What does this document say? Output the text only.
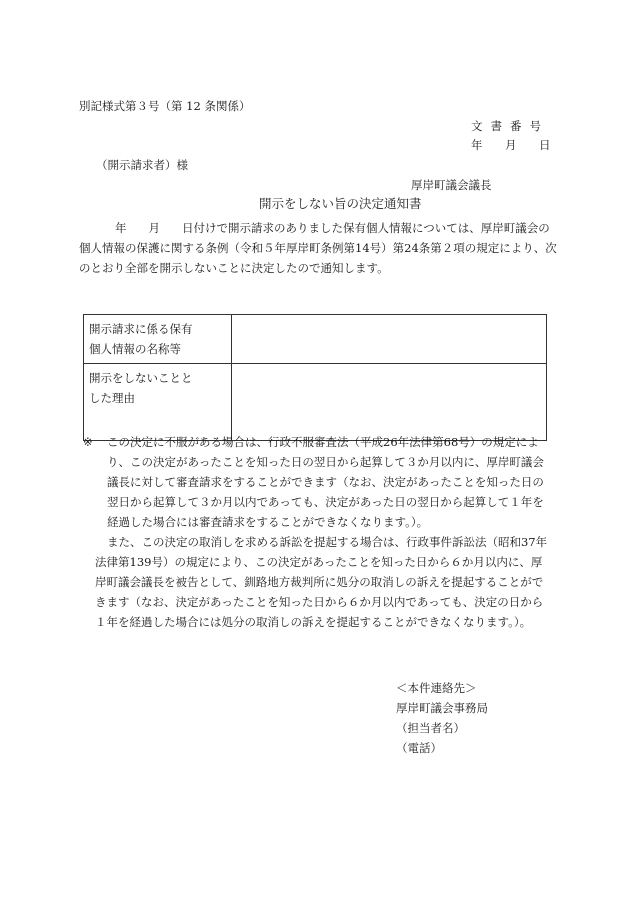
別記様式第３号（第 12 条関係）
文書番号
年 月 日
（開示請求者）様
厚岸町議会議長
開示をしない旨の決定通知書

年 月 日付けで開示請求のありました保有個人情報については、厚岸町議会の個人情報の保護に関する条例（令和５年厚岸町条例第14号）第24条第２項の規定により、次のとおり全部を開示しないことに決定したので通知します。

開示請求に係る保有
個人情報の名称等	

開示をしないことと
した理由	

※	この決定に不服がある場合は、行政不服審査法（平成26年法律第68号）の規定により、この決定があったことを知った日の翌日から起算して３か月以内に、厚岸町議会議長に対して審査請求をすることができます（なお、決定があったことを知った日の翌日から起算して３か月以内であっても、決定があった日の翌日から起算して１年を経過した場合には審査請求をすることができなくなります。）。
また、この決定の取消しを求める訴訟を提起する場合は、行政事件訴訟法（昭和37年法律第139号）の規定により、この決定があったことを知った日から６か月以内に、厚岸町議会議長を被告として、釧路地方裁判所に処分の取消しの訴えを提起することができます（なお、決定があったことを知った日から６か月以内であっても、決定の日から１年を経過した場合には処分の取消しの訴えを提起することができなくなります。）。
＜本件連絡先＞
厚岸町議会事務局
（担当者名）
（電話）
